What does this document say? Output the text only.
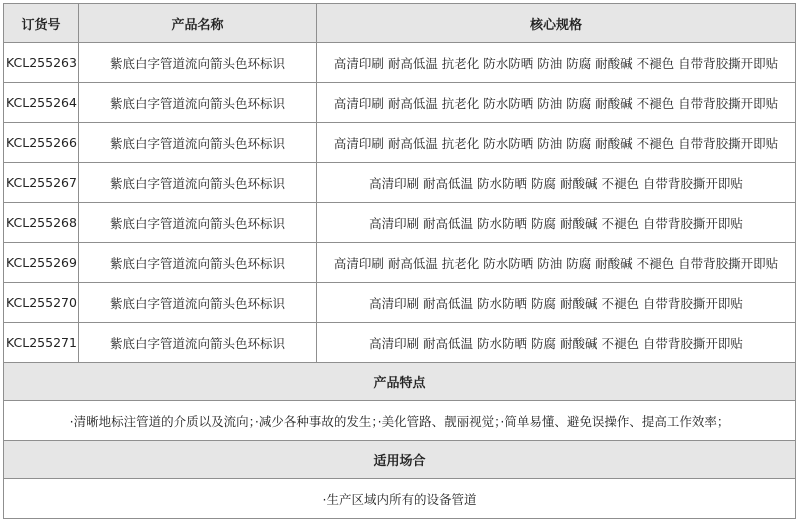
订货号	产品名称	核心规格
KCL255263	紫底白字管道流向箭头色环标识	高清印刷 耐高低温 抗老化 防水防晒 防油 防腐 耐酸碱 不褪色 自带背胶撕开即贴
KCL255264	紫底白字管道流向箭头色环标识	高清印刷 耐高低温 抗老化 防水防晒 防油 防腐 耐酸碱 不褪色 自带背胶撕开即贴
KCL255266	紫底白字管道流向箭头色环标识	高清印刷 耐高低温 抗老化 防水防晒 防油 防腐 耐酸碱 不褪色 自带背胶撕开即贴
KCL255267	紫底白字管道流向箭头色环标识	高清印刷 耐高低温 防水防晒 防腐 耐酸碱 不褪色 自带背胶撕开即贴
KCL255268	紫底白字管道流向箭头色环标识	高清印刷 耐高低温 防水防晒 防腐 耐酸碱 不褪色 自带背胶撕开即贴
KCL255269	紫底白字管道流向箭头色环标识	高清印刷 耐高低温 抗老化 防水防晒 防油 防腐 耐酸碱 不褪色 自带背胶撕开即贴
KCL255270	紫底白字管道流向箭头色环标识	高清印刷 耐高低温 防水防晒 防腐 耐酸碱 不褪色 自带背胶撕开即贴
KCL255271	紫底白字管道流向箭头色环标识	高清印刷 耐高低温 防水防晒 防腐 耐酸碱 不褪色 自带背胶撕开即贴
产品特点		
·清晰地标注管道的介质以及流向；·减少各种事故的发生；·美化管路、靓丽视觉；·简单易懂、避免误操作、提高工作效率；		
适用场合		
·生产区域内所有的设备管道		
